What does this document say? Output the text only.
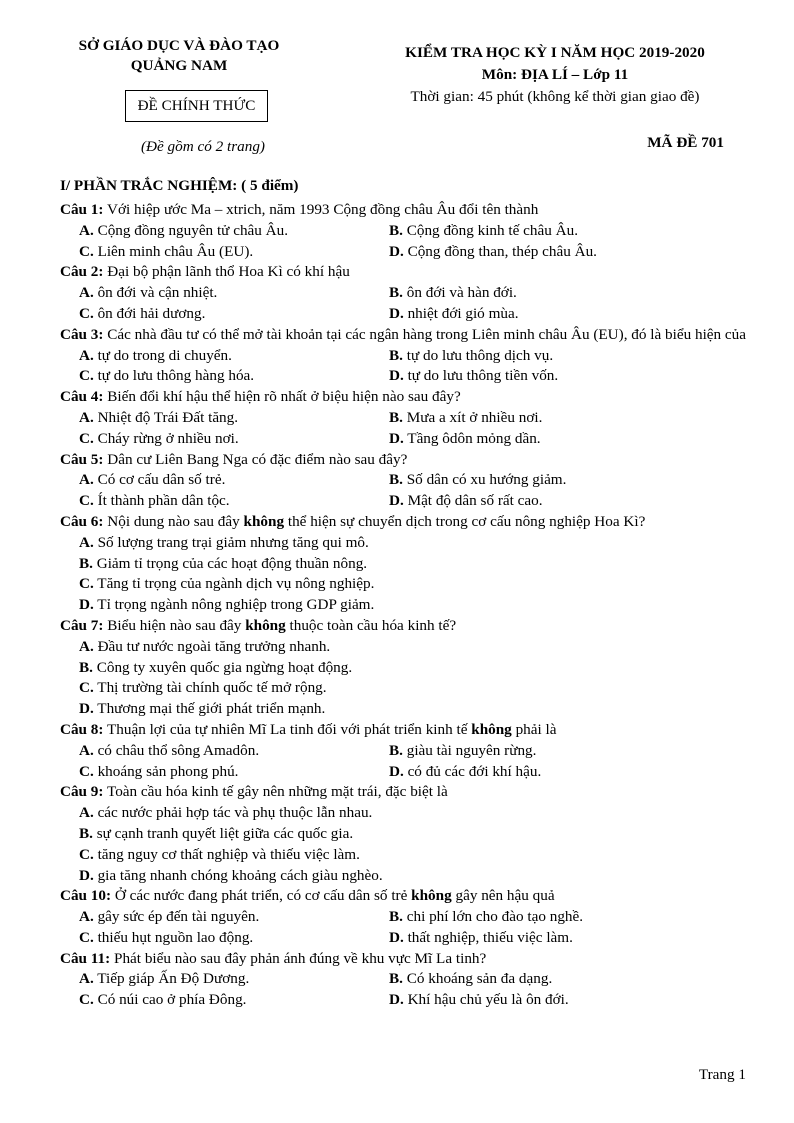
SỞ GIÁO DỤC VÀ ĐÀO TẠO
QUẢNG NAM
ĐỀ CHÍNH THỨC
(Đề gồm có 2 trang)
KIỂM TRA HỌC KỲ I NĂM HỌC 2019-2020
Môn: ĐỊA LÍ – Lớp 11
Thời gian: 45 phút (không kể thời gian giao đề)
MÃ ĐỀ 701
I/ PHẦN TRẮC NGHIỆM: ( 5 điểm)
Câu 1: Với hiệp ước Ma – xtrich, năm 1993 Cộng đồng châu Âu đổi tên thành
A. Cộng đồng nguyên tử châu Âu.	B. Cộng đồng kinh tế châu Âu.
C. Liên minh châu Âu (EU).	D. Cộng đồng than, thép châu Âu.
Câu 2: Đại bộ phận lãnh thổ Hoa Kì có khí hậu
A. ôn đới và cận nhiệt.	B. ôn đới và hàn đới.
C. ôn đới hải dương.	D. nhiệt đới gió mùa.
Câu 3: Các nhà đầu tư có thể mở tài khoản tại các ngân hàng trong Liên minh châu Âu (EU), đó là biểu hiện của
A. tự do trong di chuyển.	B. tự do lưu thông dịch vụ.
C. tự do lưu thông hàng hóa.	D. tự do lưu thông tiền vốn.
Câu 4: Biến đổi khí hậu thể hiện rõ nhất ở biệu hiện nào sau đây?
A. Nhiệt độ Trái Đất tăng.	B. Mưa a xít ở nhiều nơi.
C. Cháy rừng ở nhiều nơi.	D. Tầng ôdôn mỏng dần.
Câu 5: Dân cư Liên Bang Nga có đặc điểm nào sau đây?
A. Có cơ cấu dân số trẻ.	B. Số dân có xu hướng giảm.
C. Ít thành phần dân tộc.	D. Mật độ dân số rất cao.
Câu 6: Nội dung nào sau đây không thể hiện sự chuyển dịch trong cơ cấu nông nghiệp Hoa Kì?
A. Số lượng trang trại giảm nhưng tăng qui mô.
B. Giảm tỉ trọng của các hoạt động thuần nông.
C. Tăng tỉ trọng của ngành dịch vụ nông nghiệp.
D. Tỉ trọng ngành nông nghiệp trong GDP giảm.
Câu 7: Biểu hiện nào sau đây không thuộc toàn cầu hóa kinh tế?
A. Đầu tư nước ngoài tăng trưởng nhanh.
B. Công ty xuyên quốc gia ngừng hoạt động.
C. Thị trường tài chính quốc tế mở rộng.
D. Thương mại thế giới phát triển mạnh.
Câu 8: Thuận lợi của tự nhiên Mĩ La tinh đối với phát triển kinh tế không phải là
A. có châu thổ sông Amadôn.	B. giàu tài nguyên rừng.
C. khoáng sản phong phú.	D. có đủ các đới khí hậu.
Câu 9: Toàn cầu hóa kinh tế gây nên những mặt trái, đặc biệt là
A. các nước phải hợp tác và phụ thuộc lẫn nhau.
B. sự cạnh tranh quyết liệt giữa các quốc gia.
C. tăng nguy cơ thất nghiệp và thiếu việc làm.
D. gia tăng nhanh chóng khoảng cách giàu nghèo.
Câu 10: Ở các nước đang phát triển, có cơ cấu dân số trẻ không gây nên hậu quả
A. gây sức ép đến tài nguyên.	B. chi phí lớn cho đào tạo nghề.
C. thiếu hụt nguồn lao động.	D. thất nghiệp, thiếu việc làm.
Câu 11: Phát biểu nào sau đây phản ánh đúng về khu vực Mĩ La tinh?
A. Tiếp giáp Ấn Độ Dương.	B. Có khoáng sản đa dạng.
C. Có núi cao ở phía Đông.	D. Khí hậu chủ yếu là ôn đới.
Trang 1
